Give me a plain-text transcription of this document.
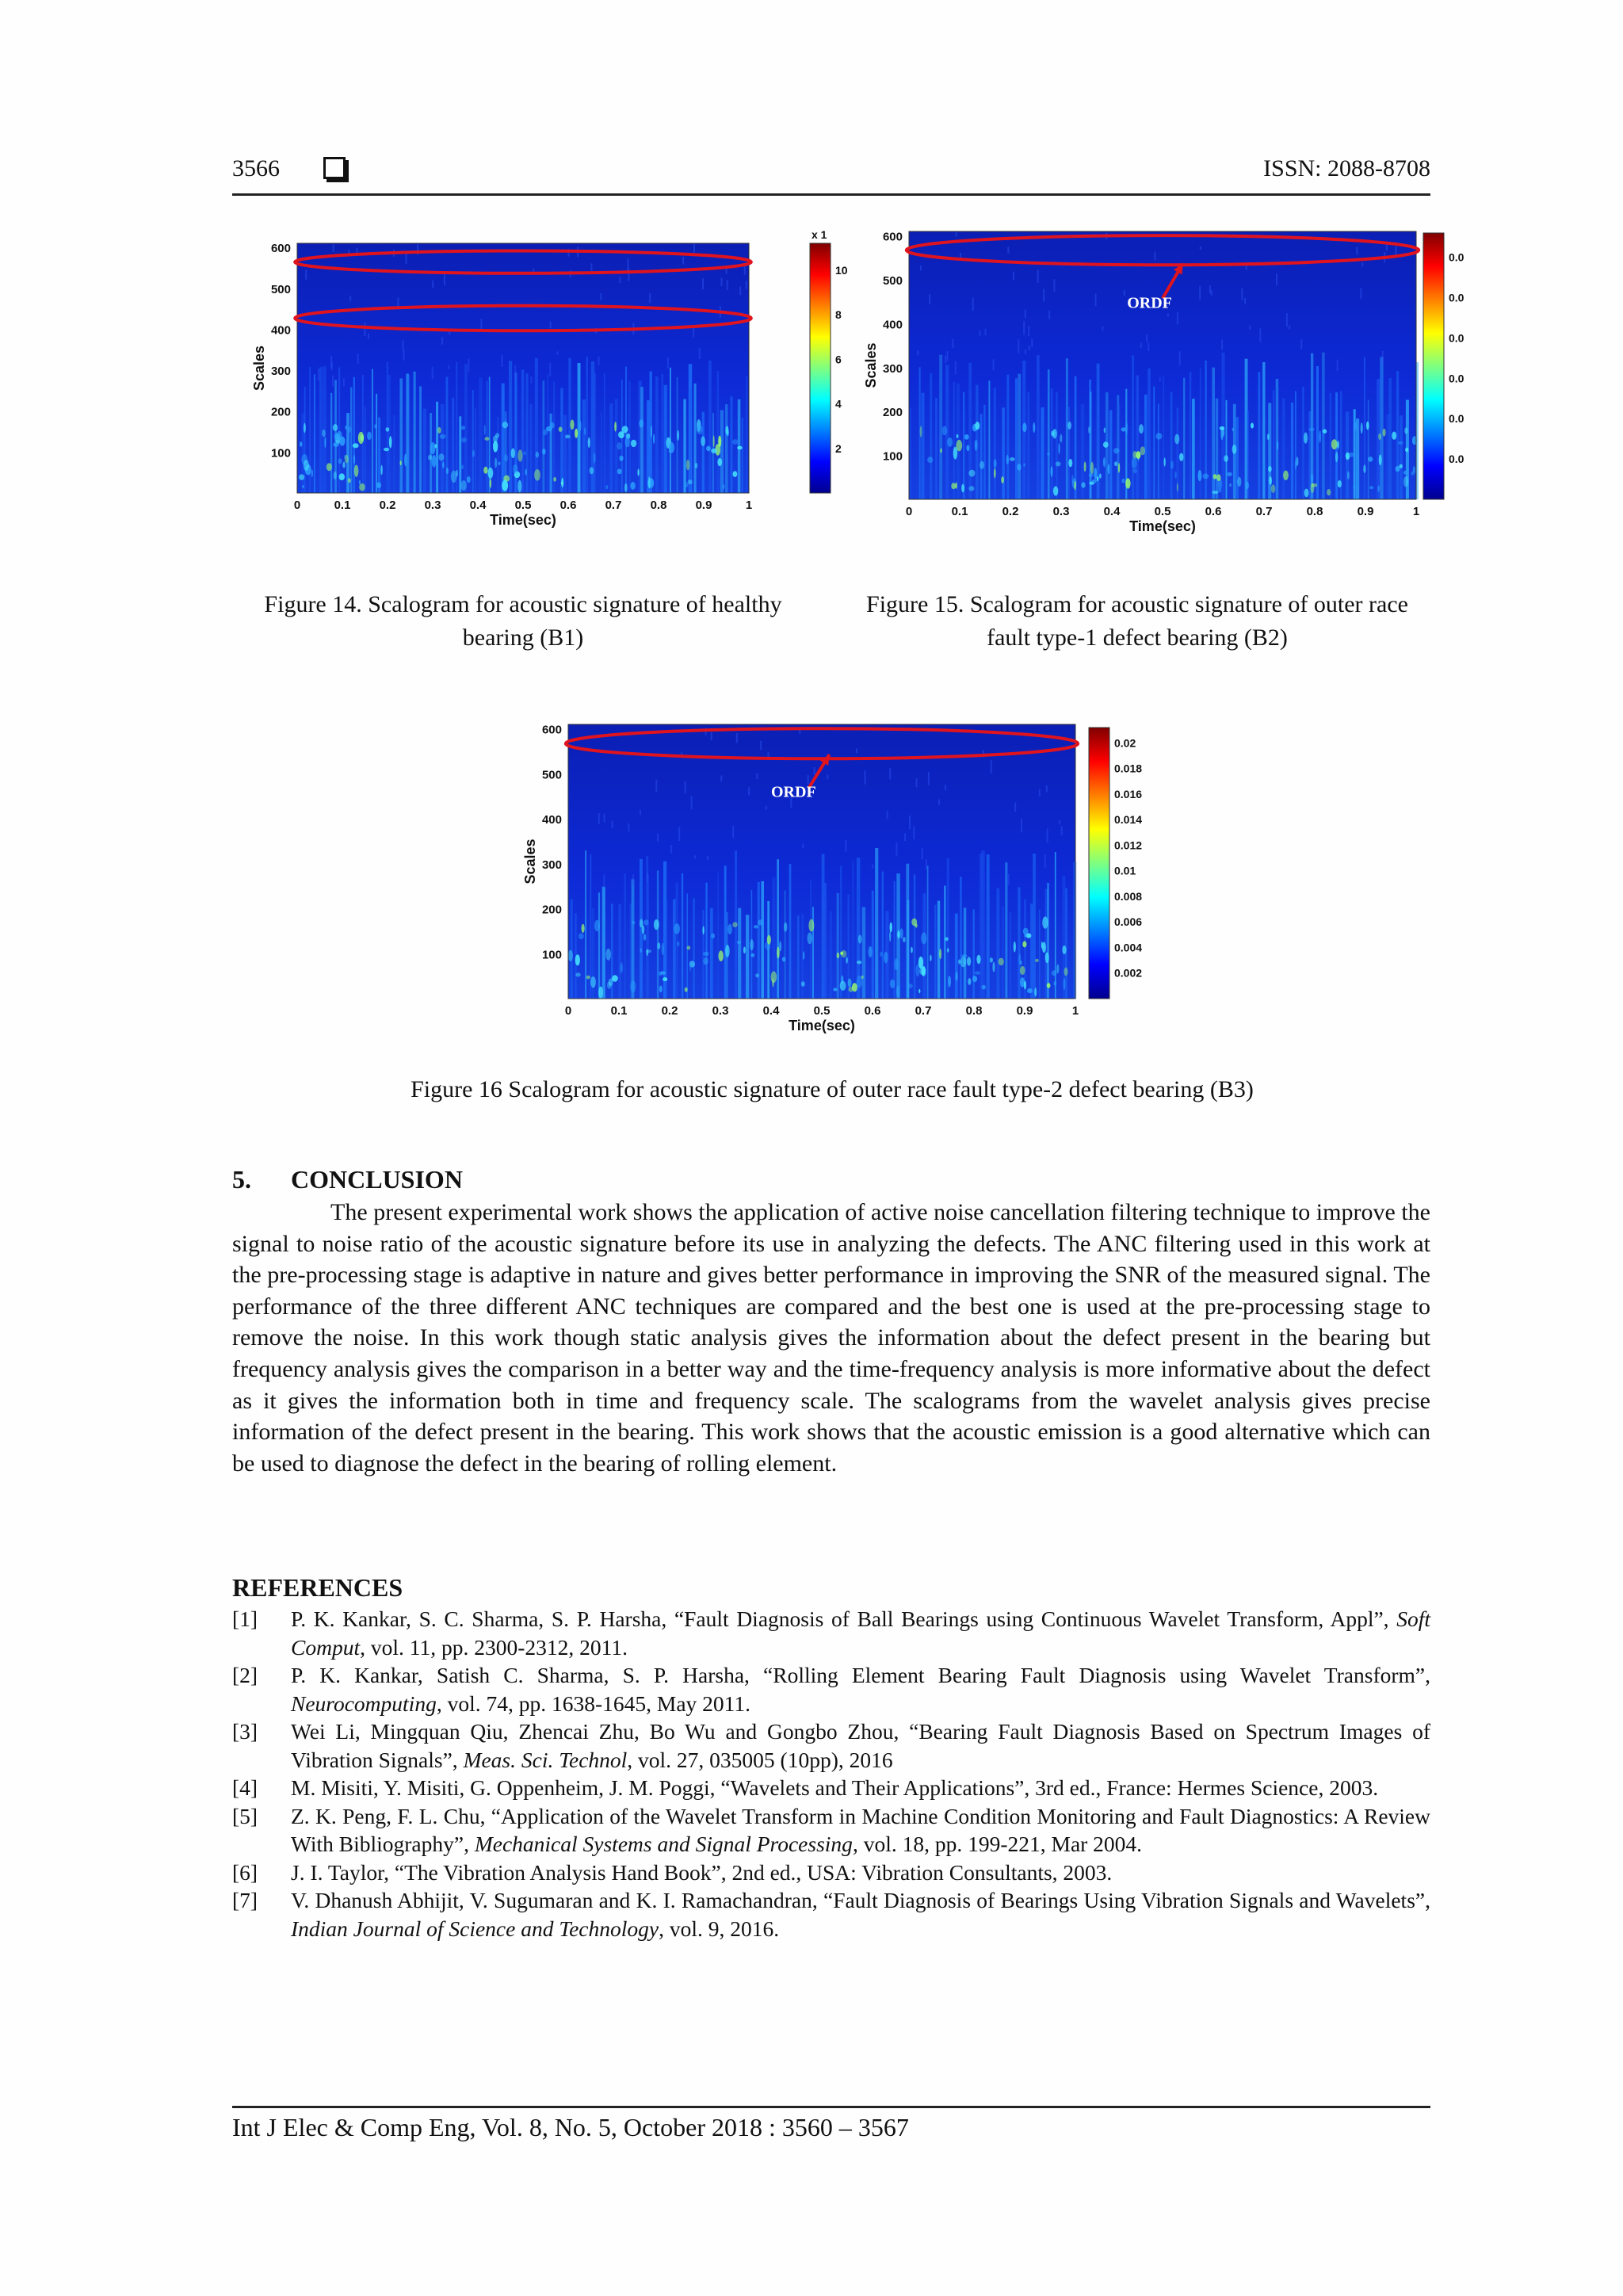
3566	ISSN: 2088-8708
600
500
400
300
200
100
0	0.1 0.2 0.3 0.4 0.5 0.6 0.7 0.8 0.9	1
Time(sec)
Scales
10
8
6
4
2
x 1
Figure 14. Scalogram for acoustic signature of healthy bearing (B1)
600
500
400
300
200
100
0	0.1	0.2	0.3	0.4	0.5	0.6	0.7	0.8	0.9	1
Time(sec)
Scales
0.0
0.0
0.0
0.0
0.0
0.0
ORDF
Figure 15. Scalogram for acoustic signature of outer race fault type-1 defect bearing (B2)
600
500
400
300
200
100
0	0.1	0.2	0.3	0.4	0.5	0.6	0.7	0.8	0.9	1
Time(sec)
Scales
0.02
0.018
0.016
0.014
0.012
0.01
0.008
0.006
0.004
0.002
ORDF
Figure 16 Scalogram for acoustic signature of outer race fault type-2 defect bearing (B3)
5. CONCLUSION
The present experimental work shows the application of active noise cancellation filtering technique to improve the signal to noise ratio of the acoustic signature before its use in analyzing the defects. The ANC filtering used in this work at the pre-processing stage is adaptive in nature and gives better performance in improving the SNR of the measured signal. The performance of the three different ANC techniques are compared and the best one is used at the pre-processing stage to remove the noise. In this work though static analysis gives the information about the defect present in the bearing but frequency analysis gives the comparison in a better way and the time-frequency analysis is more informative about the defect as it gives the information both in time and frequency scale. The scalograms from the wavelet analysis gives precise information of the defect present in the bearing. This work shows that the acoustic emission is a good alternative which can be used to diagnose the defect in the bearing of rolling element.
REFERENCES
[1]	P. K. Kankar, S. C. Sharma, S. P. Harsha, “Fault Diagnosis of Ball Bearings using Continuous Wavelet Transform, Appl”, Soft Comput, vol. 11, pp. 2300-2312, 2011.
[2]	P. K. Kankar, Satish C. Sharma, S. P. Harsha, “Rolling Element Bearing Fault Diagnosis using Wavelet Transform”, Neurocomputing, vol. 74, pp. 1638-1645, May 2011.
[3]	Wei Li, Mingquan Qiu, Zhencai Zhu, Bo Wu and Gongbo Zhou, “Bearing Fault Diagnosis Based on Spectrum Images of Vibration Signals”, Meas. Sci. Technol, vol. 27, 035005 (10pp), 2016
[4]	M. Misiti, Y. Misiti, G. Oppenheim, J. M. Poggi, “Wavelets and Their Applications”, 3rd ed., France: Hermes Science, 2003.
[5]	Z. K. Peng, F. L. Chu, “Application of the Wavelet Transform in Machine Condition Monitoring and Fault Diagnostics: A Review With Bibliography”, Mechanical Systems and Signal Processing, vol. 18, pp. 199-221, Mar 2004.
[6]	J. I. Taylor, “The Vibration Analysis Hand Book”, 2nd ed., USA: Vibration Consultants, 2003.
[7]	V. Dhanush Abhijit, V. Sugumaran and K. I. Ramachandran, “Fault Diagnosis of Bearings Using Vibration Signals and Wavelets”, Indian Journal of Science and Technology, vol. 9, 2016.
Int J Elec & Comp Eng, Vol. 8, No. 5, October 2018 : 3560 – 3567
